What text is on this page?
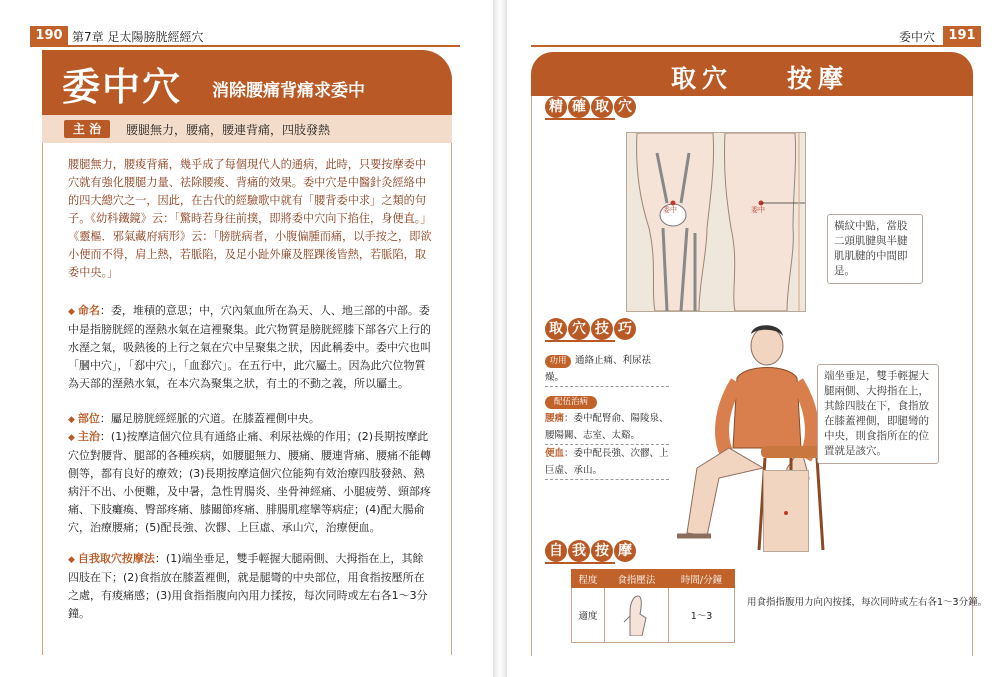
190 第7章 足太陽膀胱經經穴
委中穴 消除腰痛背痛求委中
主 治	腰腿無力，腰痛，腰連背痛，四肢發熱

腰腿無力，腰痠背痛，幾乎成了每個現代人的通病，此時，只要按摩委中穴就有強化腰腿力量、祛除腰痠、背痛的效果。委中穴是中醫針灸經絡中的四大總穴之一，因此，在古代的經驗歌中就有「腰背委中求」之類的句子。《幼科鐵鏡》云：「驚時若身往前撲，即將委中穴向下掐住，身便直。」《靈樞．邪氣藏府病形》云：「膀胱病者，小腹偏腫而痛，以手按之，即欲小便而不得，肩上熱，若脈陷，及足小趾外廉及脛踝後皆熱，若脈陷，取委中央。」

◆ 命名：委，堆積的意思；中，穴內氣血所在為天、人、地三部的中部。委中是指膀胱經的溼熱水氣在這裡聚集。此穴物質是膀胱經膝下部各穴上行的水溼之氣，吸熱後的上行之氣在穴中呈聚集之狀，因此稱委中。委中穴也叫「膕中穴」，「郄中穴」，「血郄穴」。在五行中，此穴屬土。因為此穴位物質為天部的溼熱水氣，在本穴為聚集之狀，有土的不動之義，所以屬土。

◆ 部位：屬足膀胱經經脈的穴道。在膝蓋裡側中央。

◆ 主治：(1)按摩這個穴位具有通絡止痛、利尿祛燥的作用；(2)長期按摩此穴位對腰背、腿部的各種疾病，如腰腿無力、腰痛、腰連背痛、腰痛不能轉側等，都有良好的療效；(3)長期按摩這個穴位能夠有效治療四肢發熱、熱病汗不出、小便難，及中暑，急性胃腸炎、坐骨神經痛、小腿疲勞、頸部疼痛、下肢癱瘓、臀部疼痛、膝關節疼痛、腓腸肌痙攣等病症；(4)配大腸俞穴，治療腰痛；(5)配長強、次髎、上巨虛、承山穴，治療便血。

◆ 自我取穴按摩法：(1)端坐垂足，雙手輕握大腿兩側、大拇指在上，其餘四肢在下；(2)食指放在膝蓋裡側，就是腿彎的中央部位，用食指按壓所在之處，有痠痛感；(3)用食指指腹向內用力揉按，每次同時或左右各1～3分鐘。

委中穴	191
取穴 按摩
精 確 取 穴
委中	委中
橫紋中點，當股二頭肌腱與半腱肌肌腱的中間即是。
取 穴 技 巧
功用 通絡止痛、利尿祛燥。
配伍治病
腰痛：委中配腎俞、陽陵泉、腰陽關、志室、太谿。
便血：委中配長強、次髎、上巨虛、承山。
端坐垂足，雙手輕握大腿兩側、大拇指在上，其餘四肢在下，食指放在膝蓋裡側，即腿彎的中央，則食指所在的位置就是該穴。
自 我 按 摩
程度	食指壓法	時間/分鐘
適度		1～3
用食指指腹用力向內按揉，每次同時或左右各1～3分鐘。
